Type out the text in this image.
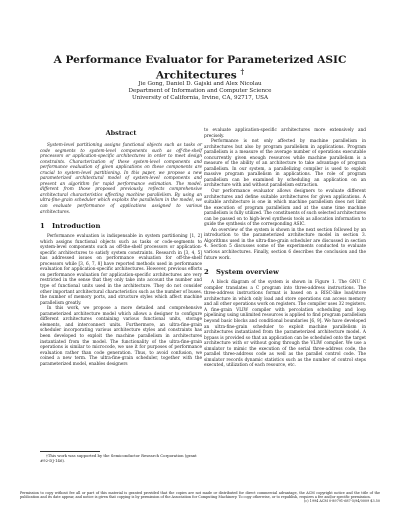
A Performance Evaluator for Parameterized ASIC Architectures †
Jie Gong, Daniel D. Gajski and Alex Nicolau
Department of Information and Computer Science
University of California, Irvine, CA, 92717, USA
Abstract

System-level partitioning assigns functional objects such as tasks or code segments to system-level components such as off-the-shelf processors or application-specific architectures in order to meet design constraints. Characterization of these system-level components and performance evaluation of given applications on these components are crucial to system-level partitioning. In this paper, we propose a new parameterized architectural model of system-level components and present an algorithm for rapid performance estimation. The model, different from those proposed previously, reflects comprehensive architectural characteristics affecting machine parallelism. By using an ultra-fine-grain scheduler which exploits the parallelism in the model, we can evaluate performance of applications assigned to various architectures.

1 Introduction

Performance evaluation is indispensable in system partitioning [1, 2] which assigns functional objects such as tasks or code-segments to system-level components such as off-the-shelf processors or application-specific architectures to satisfy system constraints. Research in [3, 4, 5] has addressed issues on performance evaluation for off-the-shelf processors while [3, 6, 7, 8] have reported methods used in performance evaluation for application-specific architectures. However, previous efforts on performance evaluation for application-specific architectures are very restricted in the sense that they only take into account the number and type of functional units used in the architecture. They do not consider other important architectural characteristics such as the number of buses, the number of memory ports, and structure styles which affect machine parallelism greatly.

In this work, we propose a more detailed and comprehensive parameterized architecture model which allows a designer to configure different architectures containing various functional units, storage elements, and interconnect units. Furthermore, an ultra-fine-grain scheduler incorporating various architecture styles and constraints has been developed to exploit the machine parallelism in architectures instantiated from the model. The functionality of the ultra-fine-grain operations is similar to microcode, we use it for purposes of performance evaluation rather than code generation. Thus, to avoid confusion, we coined a new term. The ultra-fine-grain scheduler, together with the parameterized model, enables designers

†This work was supported by the Semiconductor Research Corporation (grant #92-DJ-146).

to evaluate application-specific architectures more extensively and precisely.

Performance is not only affected by machine parallelism in architectures but also by program parallelism in applications. Program parallelism is a measure of the average number of operations executable concurrently given enough resources while machine parallelism is a measure of the ability of an architecture to take advantage of program parallelism. In our system, a parallelizing compiler is used to exploit massive program parallelism in applications. The role of program parallelism can be examined by scheduling an application on an architecture with and without parallelism extraction.

Our performance evaluator allows designers to evaluate different architectures and define suitable architectures for given applications. A suitable architecture is one in which machine parallelism does not limit the execution of program parallelism and at the same time machine parallelism is fully utilized. The constituents of such selected architectures can be passed on to high-level synthesis tools as allocation information to guide the synthesis of the corresponding ASIC.

An overview of the system is shown in the next section followed by an introduction to the parameterized architecture model in section 3. Algorithms used in the ultra-fine-grain scheduler are discussed in section 4. Section 5 discusses some of the experiments conducted to evaluate various architectures. Finally, section 6 describes the conclusion and the future work.

2 System overview

A block diagram of the system is shown in Figure 1. The GNU C compiler translates a C program into three-address instructions. The three-address instructions format is based on a RISC-like load/store architecture in which only load and store operations can access memory and all other operations work on registers. The compiler uses 32 registers. A fine-grain VLIW compiler with percolation scheduling and loop pipelining using unlimited resources is applied to find program parallelism beyond basic blocks and conditional boundaries [6, 9]. We have developed an ultra-fine-grain scheduler to exploit machine parallelism in architectures instantiated from the parameterized architecture model. A bypass is provided so that an application can be scheduled onto the target architecture with or without going through the VLIW compiler. We use a simulator to mimic the execution of the serial three-address code, the parallel three-address code as well as the parallel control code. The simulator records dynamic statistics such as the number of control steps executed, utilization of each resource, etc.

Permission to copy without fee all or part of this material is granted provided that the copies are not made or distributed for direct commercial advantage, the ACM copyright notice and the title of the publication and its date appear, and notice is given that copying is by permission of the Association for Computing Machinery. To copy otherwise, or to republish, requires a fee and/or specific permission.

(c) 1994 ACM 0-89791-687-5/94/0009 $3.50
